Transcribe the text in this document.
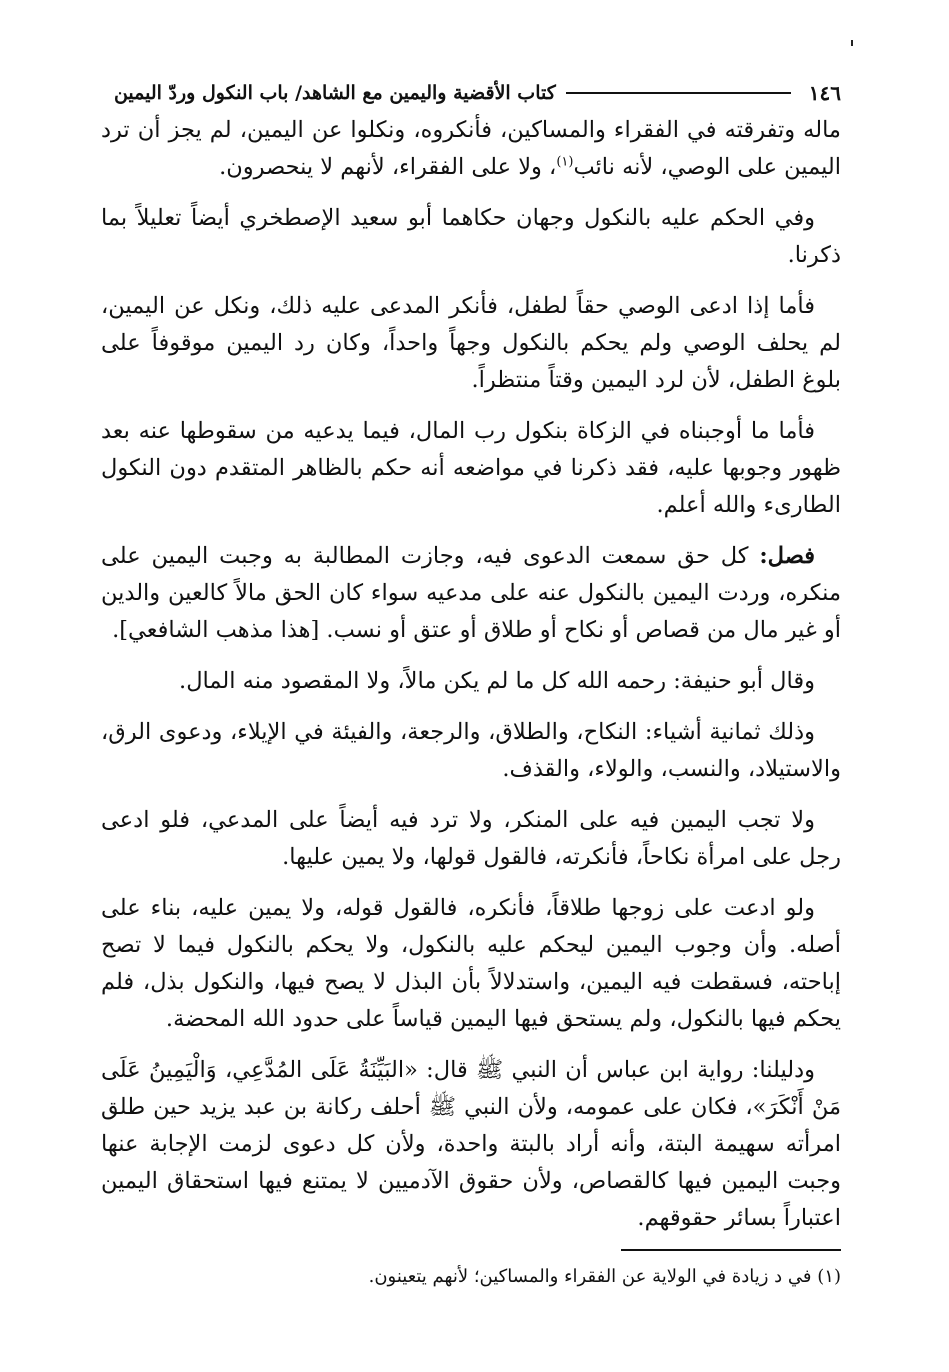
١٤٦
كتاب الأقضية واليمين مع الشاهد/ باب النكول وردّ اليمين

ماله وتفرقته في الفقراء والمساكين، فأنكروه، ونكلوا عن اليمين، لم يجز أن ترد اليمين على الوصي، لأنه نائب$^{(١)}$، ولا على الفقراء، لأنهم لا ينحصرون.

وفي الحكم عليه بالنكول وجهان حكاهما أبو سعيد الإصطخري أيضاً تعليلاً بما ذكرنا.

فأما إذا ادعى الوصي حقاً لطفل، فأنكر المدعى عليه ذلك، ونكل عن اليمين، لم يحلف الوصي ولم يحكم بالنكول وجهاً واحداً، وكان رد اليمين موقوفاً على بلوغ الطفل، لأن لرد اليمين وقتاً منتظراً.

فأما ما أوجبناه في الزكاة بنكول رب المال، فيما يدعيه من سقوطها عنه بعد ظهور وجوبها عليه، فقد ذكرنا في مواضعه أنه حكم بالظاهر المتقدم دون النكول الطارىء والله أعلم.

فصل: كل حق سمعت الدعوى فيه، وجازت المطالبة به وجبت اليمين على منكره، وردت اليمين بالنكول عنه على مدعيه سواء كان الحق مالاً كالعين والدين أو غير مال من قصاص أو نكاح أو طلاق أو عتق أو نسب. [هذا مذهب الشافعي].

وقال أبو حنيفة: رحمه الله كل ما لم يكن مالاً، ولا المقصود منه المال.

وذلك ثمانية أشياء: النكاح، والطلاق، والرجعة، والفيئة في الإيلاء، ودعوى الرق، والاستيلاد، والنسب، والولاء، والقذف.

ولا تجب اليمين فيه على المنكر، ولا ترد فيه أيضاً على المدعي، فلو ادعى رجل على امرأة نكاحاً، فأنكرته، فالقول قولها، ولا يمين عليها.

ولو ادعت على زوجها طلاقاً، فأنكره، فالقول قوله، ولا يمين عليه، بناء على أصله. وأن وجوب اليمين ليحكم عليه بالنكول، ولا يحكم بالنكول فيما لا تصح إباحته، فسقطت فيه اليمين، واستدلالاً بأن البذل لا يصح فيها، والنكول بذل، فلم يحكم فيها بالنكول، ولم يستحق فيها اليمين قياساً على حدود الله المحضة.

ودليلنا: رواية ابن عباس أن النبي ﷺ قال: «البَيِّنَةُ عَلَى المُدَّعِي، وَالْيَمِينُ عَلَى مَنْ أَنْكَرَ»، فكان على عمومه، ولأن النبي ﷺ أحلف ركانة بن عبد يزيد حين طلق امرأته سهيمة البتة، وأنه أراد بالبتة واحدة، ولأن كل دعوى لزمت الإجابة عنها وجبت اليمين فيها كالقصاص، ولأن حقوق الآدميين لا يمتنع فيها استحقاق اليمين اعتباراً بسائر حقوقهم.

(١) في د زيادة في الولاية عن الفقراء والمساكين؛ لأنهم يتعينون.
